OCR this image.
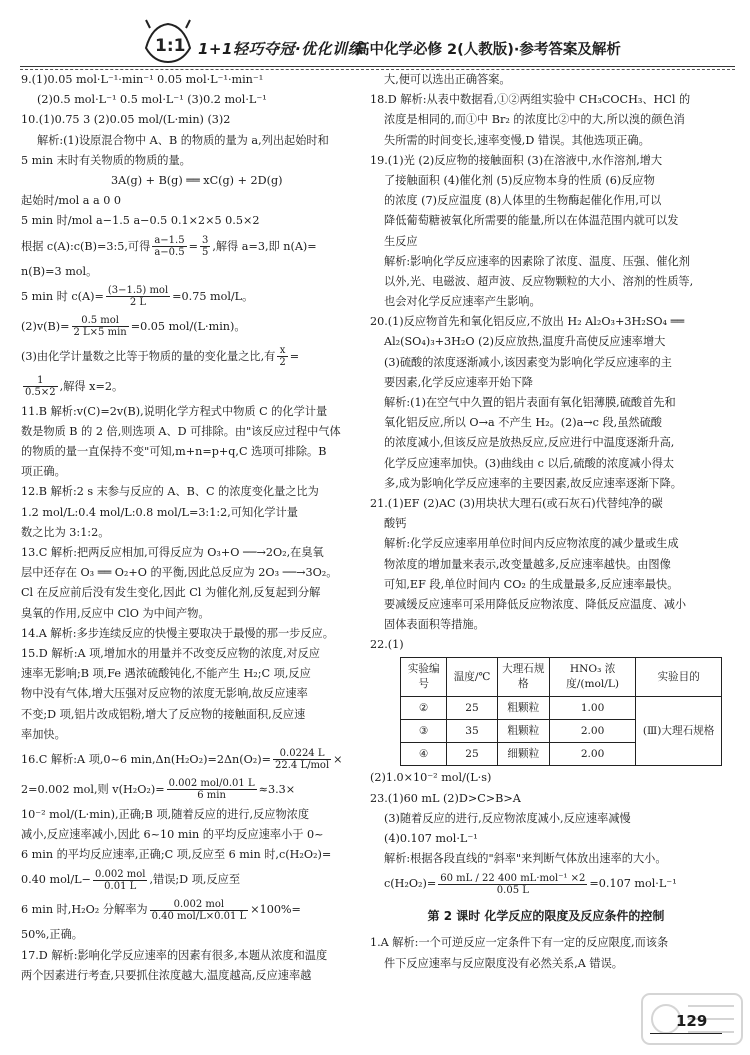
1:1 1+1轻巧夺冠·优化训练
高中化学必修 2(人教版)·参考答案及解析
9.(1)0.05 mol·L⁻¹·min⁻¹ 0.05 mol·L⁻¹·min⁻¹
(2)0.5 mol·L⁻¹ 0.5 mol·L⁻¹ (3)0.2 mol·L⁻¹
10.(1)0.75 3 (2)0.05 mol/(L·min) (3)2
解析:(1)设原混合物中 A、B 的物质的量为 a,列出起始时和
5 min 末时有关物质的物质的量。
3A(g) + B(g) ══ xC(g) + 2D(g)
起始时/mol a a 0 0
5 min 时/mol a−1.5 a−0.5 0.1×2×5 0.5×2
根据 c(A):c(B)=3:5,可得 $\frac{a-1.5}{a-0.5} = \frac{3}{5}$ ,解得 a=3,即 n(A)=
n(B)=3 mol。
5 min 时 $c(A)= \frac{\text{(3−1.5) mol}}{2 L} =0.75$ mol/L。
$(2)v(B)= \frac{\text{0.5 mol}}{2 L\times 5 \min} =0.05$ mol/(L·min)。
(3)由化学计量数之比等于物质的量的变化量之比,有 $\frac{x}{2}$ =
$\frac{1}{0.5\times 2}$ ,解得 x=2。
11.B 解析:v(C)=2v(B),说明化学方程式中物质 C 的化学计量
数是物质 B 的 2 倍,则选项 A、D 可排除。由"该反应过程中气体
的物质的量一直保持不变"可知,m+n=p+q,C 选项可排除。B
项正确。
12.B 解析:2 s 末参与反应的 A、B、C 的浓度变化量之比为
1.2 mol/L:0.4 mol/L:0.8 mol/L=3:1:2,可知化学计量
数之比为 3:1:2。
13.C 解析:把两反应相加,可得反应为 O₃+O ──→2O₂,在臭氧
层中还存在 O₃ ══ O₂+O 的平衡,因此总反应为 2O₃ ──→3O₂。
Cl 在反应前后没有发生变化,因此 Cl 为催化剂,反复起到分解
臭氧的作用,反应中 ClO 为中间产物。
14.A 解析:多步连续反应的快慢主要取决于最慢的那一步反应。
15.D 解析:A 项,增加水的用量并不改变反应物的浓度,对反应
速率无影响;B 项,Fe 遇浓硫酸钝化,不能产生 H₂;C 项,反应
物中没有气体,增大压强对反应物的浓度无影响,故反应速率
不变;D 项,铝片改成铝粉,增大了反应物的接触面积,反应速
率加快。
16.C 解析:A 项,0~6 $\min,\Delta n(H_2O_2)=2\Delta n(O_2)= \frac{0.0224 L}{\text{22.4 L/mol}}$ ×
2=0.002 mol,则 $v(H_2O_2)= \frac{\text{0.002 mol/0.01 L}}{6 \min} \approx 3.3\times$
10⁻² mol/(L·min),正确;B 项,随着反应的进行,反应物浓度
减小,反应速率减小,因此 6~10 min 的平均反应速率小于 0~
6 min 的平均反应速率,正确;C 项,反应至 6 min 时,c(H₂O₂)=
0.40 $mol/L- \frac{\text{0.002 mol}}{0.01 L}$ ,错误;D 项,反应至
6 min 时,H₂O₂ 分解率为 $\frac{\text{0.002 mol}}{\text{0.40 mol/L×0.01 L}} \times 100\%=$
50%,正确。
17.D 解析:影响化学反应速率的因素有很多,本题从浓度和温度
两个因素进行考查,只要抓住浓度越大,温度越高,反应速率越
大,便可以选出正确答案。
18.D 解析:从表中数据看,①②两组实验中 CH₃COCH₃、HCl 的
浓度是相同的,而①中 Br₂ 的浓度比②中的大,所以溴的颜色消
失所需的时间变长,速率变慢,D 错误。其他选项正确。
19.(1)光 (2)反应物的接触面积 (3)在溶液中,水作溶剂,增大
了接触面积 (4)催化剂 (5)反应物本身的性质 (6)反应物
的浓度 (7)反应温度 (8)人体里的生物酶起催化作用,可以
降低葡萄糖被氧化所需要的能量,所以在体温范围内就可以发
生反应
解析:影响化学反应速率的因素除了浓度、温度、压强、催化剂
以外,光、电磁波、超声波、反应物颗粒的大小、溶剂的性质等,
也会对化学反应速率产生影响。
20.(1)反应物首先和氧化铝反应,不放出 H₂ Al₂O₃+3H₂SO₄ ══
Al₂(SO₄)₃+3H₂O (2)反应放热,温度升高使反应速率增大
(3)硫酸的浓度逐渐减小,该因素变为影响化学反应速率的主
要因素,化学反应速率开始下降
解析:(1)在空气中久置的铝片表面有氧化铝薄膜,硫酸首先和
氧化铝反应,所以 O→a 不产生 H₂。(2)a→c 段,虽然硫酸
的浓度减小,但该反应是放热反应,反应进行中温度逐渐升高,
化学反应速率加快。(3)曲线由 c 以后,硫酸的浓度减小得太
多,成为影响化学反应速率的主要因素,故反应速率逐渐下降。
21.(1)EF (2)AC (3)用块状大理石(或石灰石)代替纯净的碳
酸钙
解析:化学反应速率用单位时间内反应物浓度的减少量或生成
物浓度的增加量来表示,改变量越多,反应速率越快。由图像
可知,EF 段,单位时间内 CO₂ 的生成量最多,反应速率最快。
要减缓反应速率可采用降低反应物浓度、降低反应温度、减小
固体表面积等措施。
22.(1)
实验编号	温度/℃	大理石规格	HNO₃ 浓度/(mol/L)	实验目的
②	25	粗颗粒	1.00	(Ⅲ)大理石规格
③	35	粗颗粒	2.00	
④	25	细颗粒	2.00	
(2)1.0×10⁻² mol/(L·s)
23.(1)60 mL (2)D>C>B>A
(3)随着反应的进行,反应物浓度减小,反应速率减慢
(4)0.107 mol·L⁻¹
解析:根据各段直线的"斜率"来判断气体放出速率的大小。
$c(H_2O_2)= \frac{\text{60 mL / 22 400 mL·mol⁻¹ ×2}}{0.05 L} =0.107$ mol·L⁻¹
第 2 课时 化学反应的限度及反应条件的控制
1.A 解析:一个可逆反应一定条件下有一定的反应限度,而该条
件下反应速率与反应限度没有必然关系,A 错误。
129
